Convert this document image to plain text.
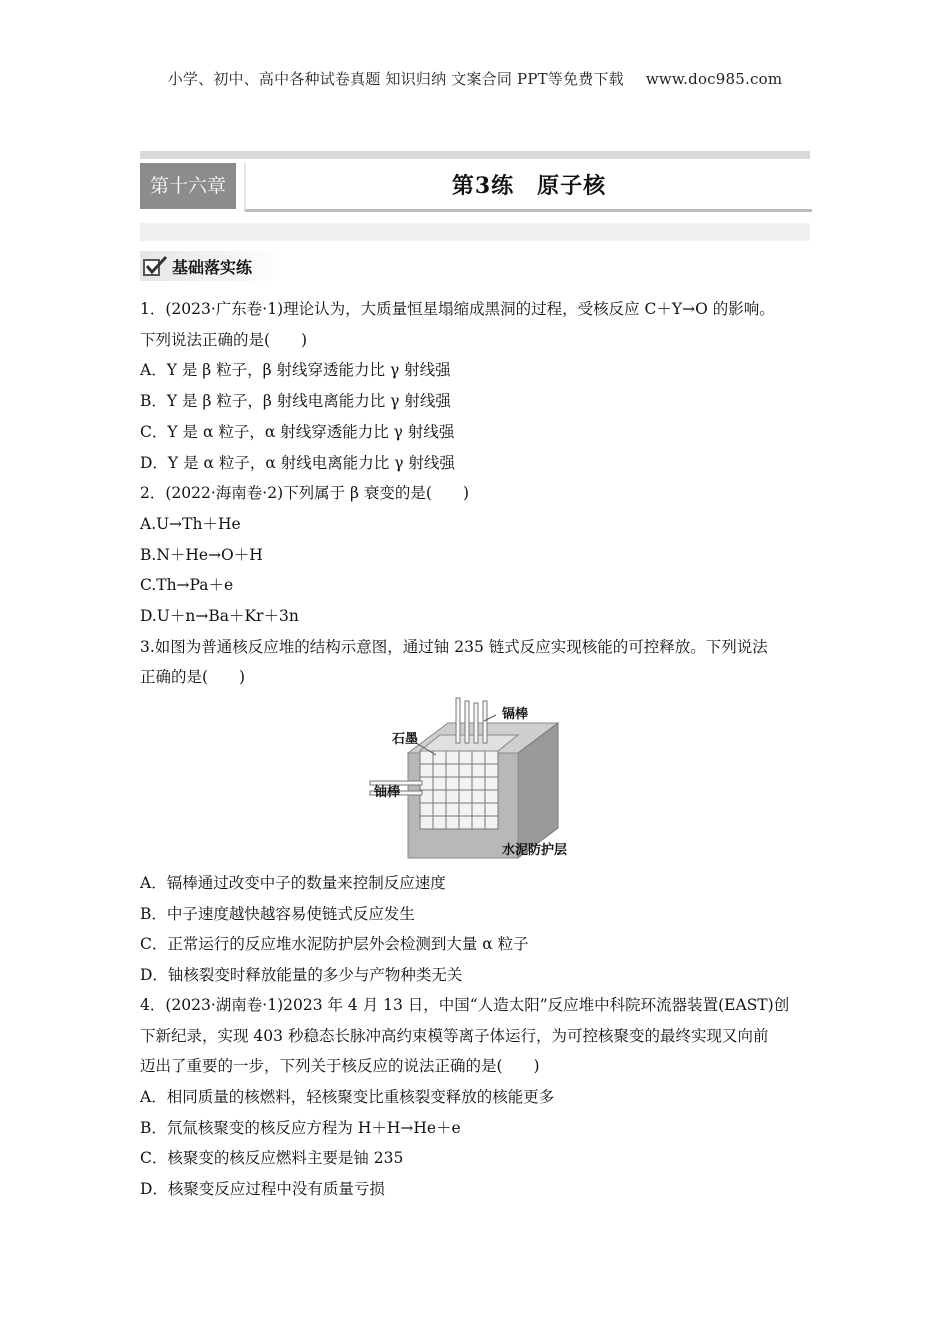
小学、初中、高中各种试卷真题 知识归纳 文案合同 PPT等免费下载 www.doc985.com
第十六章	第3练　原子核
基础落实练
1．(2023·广东卷·1)理论认为，大质量恒星塌缩成黑洞的过程，受核反应 C＋Y→O 的影响。
下列说法正确的是(　　)
A．Y 是 β 粒子，β 射线穿透能力比 γ 射线强
B．Y 是 β 粒子，β 射线电离能力比 γ 射线强
C．Y 是 α 粒子，α 射线穿透能力比 γ 射线强
D．Y 是 α 粒子，α 射线电离能力比 γ 射线强
2．(2022·海南卷·2)下列属于 β 衰变的是(　　)
A.U→Th＋He
B.N＋He→O＋H
C.Th→Pa＋e
D.U＋n→Ba＋Kr＋3n
3.如图为普通核反应堆的结构示意图，通过铀 235 链式反应实现核能的可控释放。下列说法
正确的是(　　)
镉棒
石墨
铀棒
水泥防护层
A．镉棒通过改变中子的数量来控制反应速度
B．中子速度越快越容易使链式反应发生
C．正常运行的反应堆水泥防护层外会检测到大量 α 粒子
D．铀核裂变时释放能量的多少与产物种类无关
4．(2023·湖南卷·1)2023 年 4 月 13 日，中国“人造太阳”反应堆中科院环流器装置(EAST)创
下新纪录，实现 403 秒稳态长脉冲高约束模等离子体运行，为可控核聚变的最终实现又向前
迈出了重要的一步，下列关于核反应的说法正确的是(　　)
A．相同质量的核燃料，轻核聚变比重核裂变释放的核能更多
B．氘氚核聚变的核反应方程为 H＋H→He＋e
C．核聚变的核反应燃料主要是铀 235
D．核聚变反应过程中没有质量亏损
